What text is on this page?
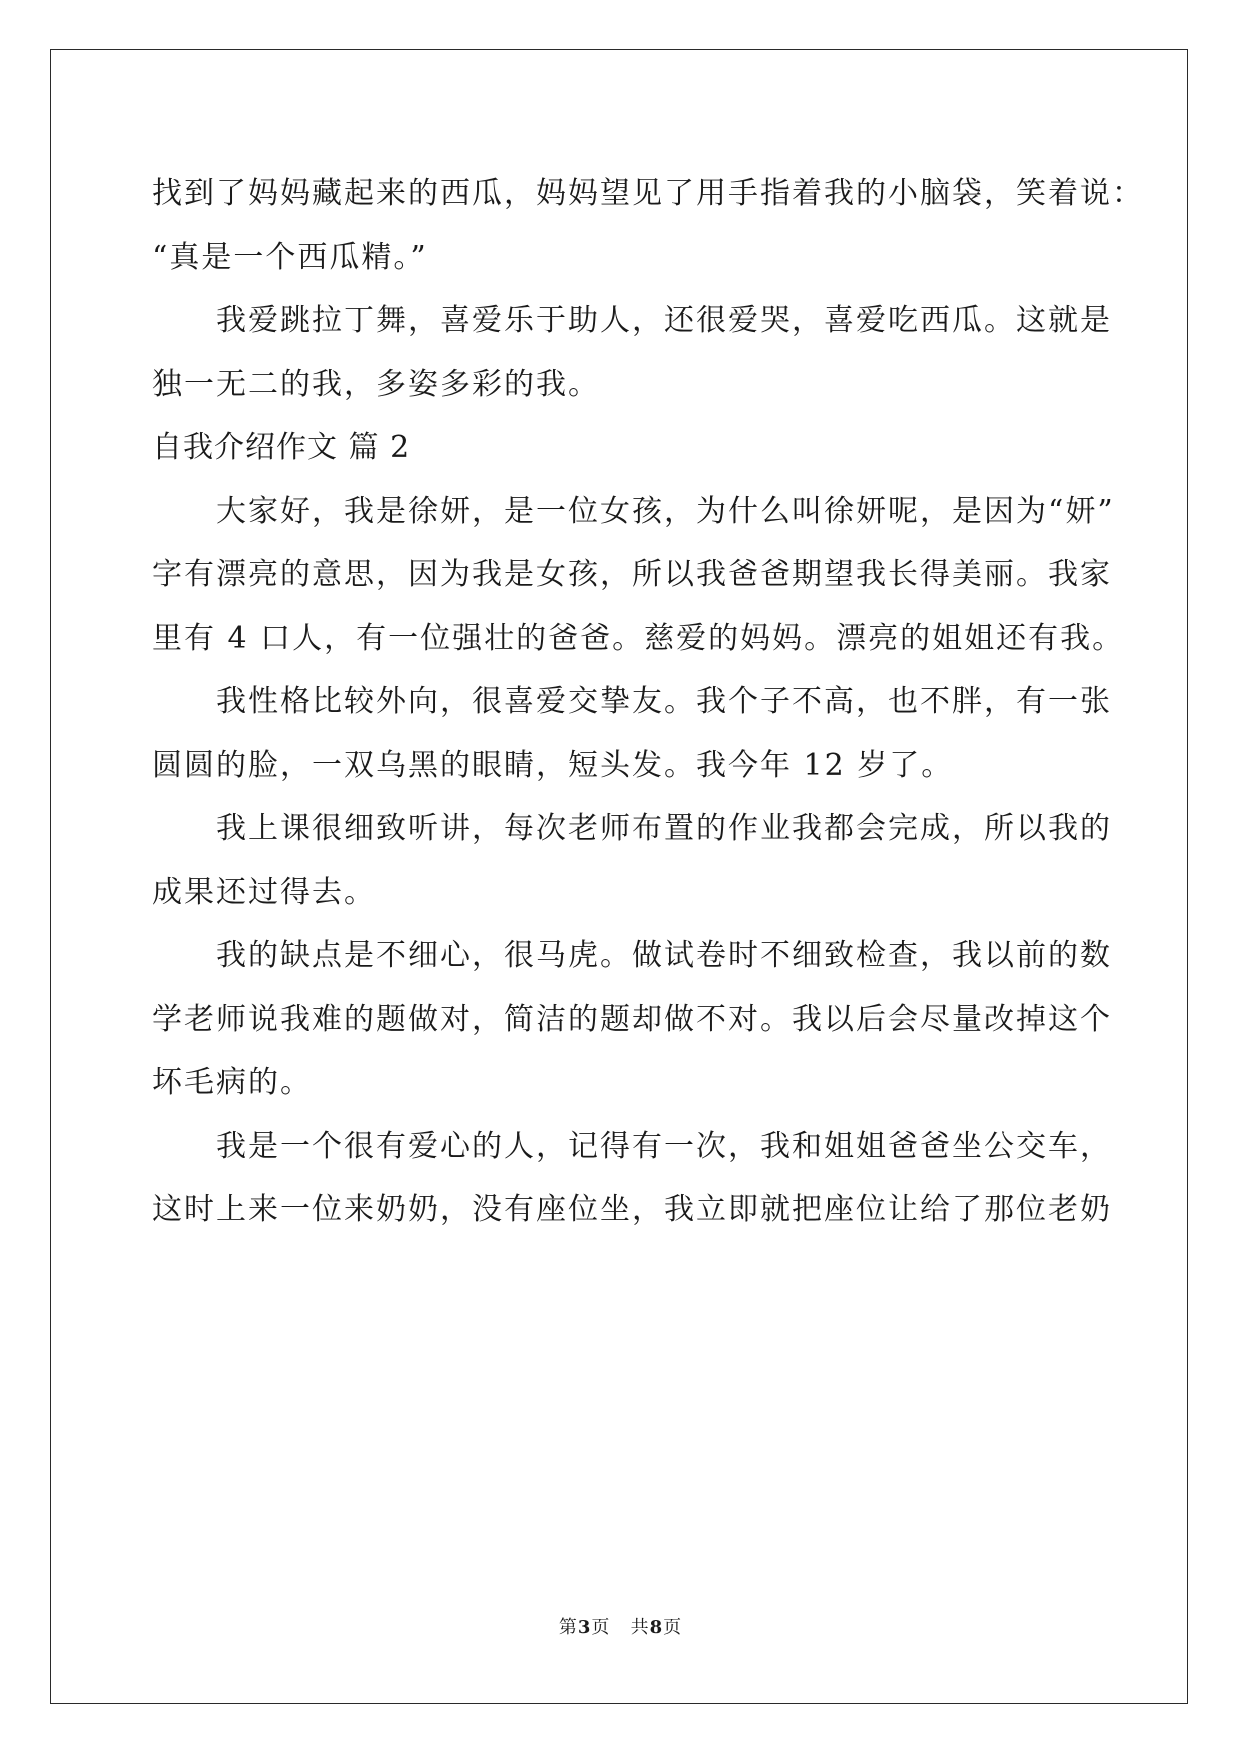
找到了妈妈藏起来的西瓜，妈妈望见了用手指着我的小脑袋，笑着说：
“真是一个西瓜精。”
我爱跳拉丁舞，喜爱乐于助人，还很爱哭，喜爱吃西瓜。这就是
独一无二的我，多姿多彩的我。
自我介绍作文 篇 2
大家好，我是徐妍，是一位女孩，为什么叫徐妍呢，是因为“妍”
字有漂亮的意思，因为我是女孩，所以我爸爸期望我长得美丽。我家
里有 4 口人，有一位强壮的爸爸。慈爱的妈妈。漂亮的姐姐还有我。
我性格比较外向，很喜爱交挚友。我个子不高，也不胖，有一张
圆圆的脸，一双乌黑的眼睛，短头发。我今年 12 岁了。
我上课很细致听讲，每次老师布置的作业我都会完成，所以我的
成果还过得去。
我的缺点是不细心，很马虎。做试卷时不细致检查，我以前的数
学老师说我难的题做对，简洁的题却做不对。我以后会尽量改掉这个
坏毛病的。
我是一个很有爱心的人，记得有一次，我和姐姐爸爸坐公交车，
这时上来一位来奶奶，没有座位坐，我立即就把座位让给了那位老奶
第3页   共8页
